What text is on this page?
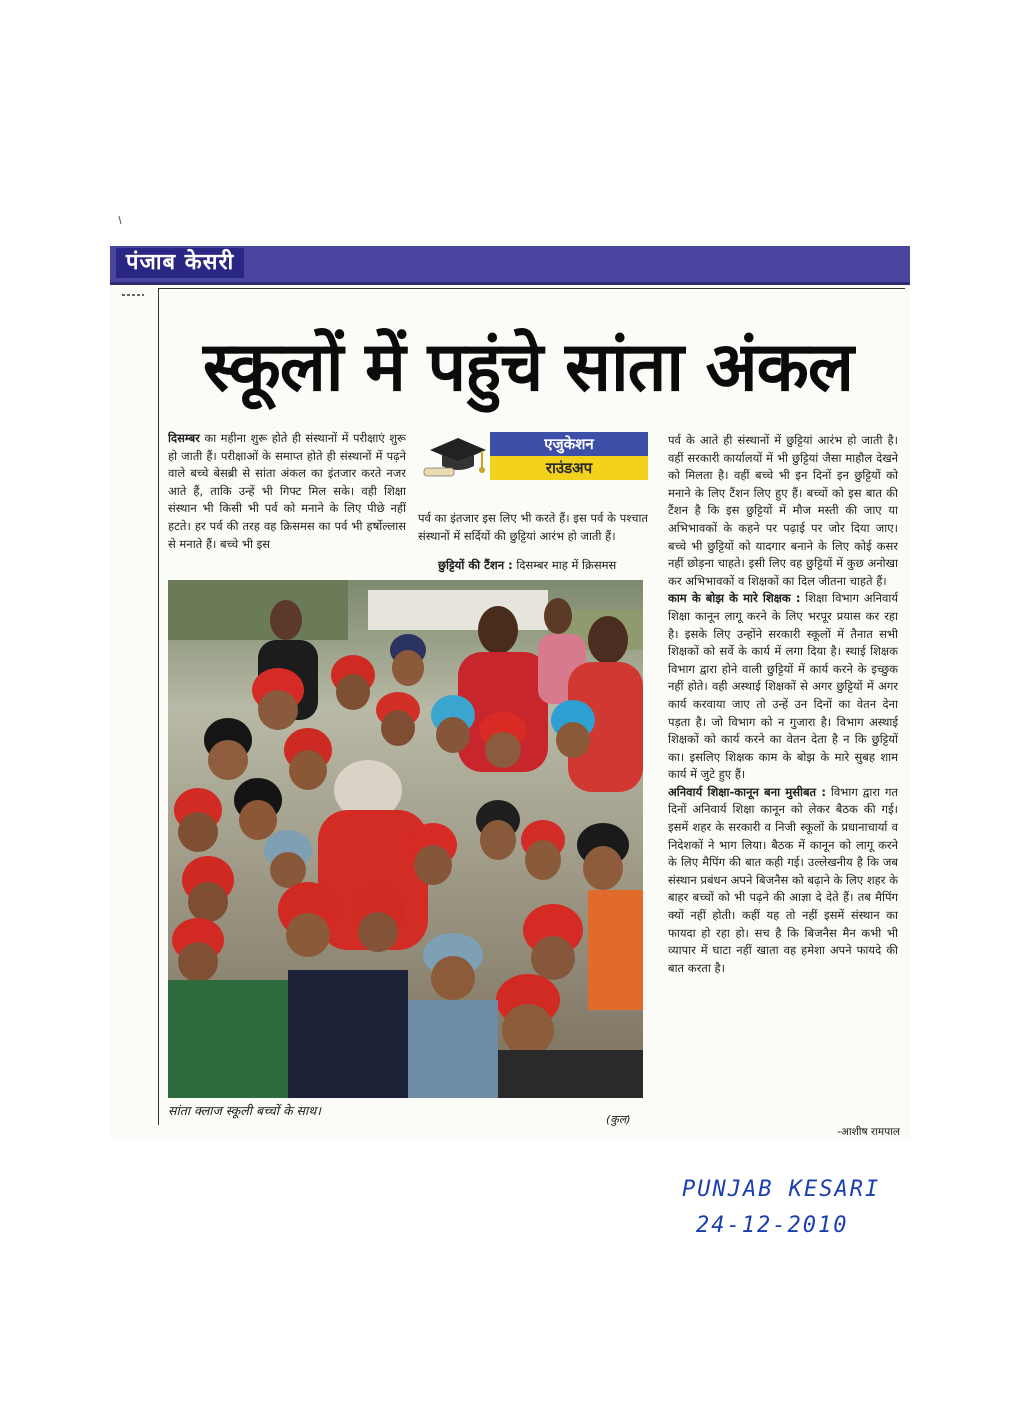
पंजाब केसरी
स्कूलों में पहुंचे सांता अंकल

दिसम्बर का महीना शुरू होते ही संस्थानों में परीक्षाएं शुरू हो जाती हैं। परीक्षाओं के समाप्त होते ही संस्थानों में पढ़ने वाले बच्चे बेसब्री से सांता अंकल का इंतजार करते नजर आते हैं, ताकि उन्हें भी गिफ्ट मिल सके। वही शिक्षा संस्थान भी किसी भी पर्व को मनाने के लिए पीछे नहीं हटते। हर पर्व की तरह वह क्रिसमस का पर्व भी हर्षोल्लास से मनाते हैं। बच्चे भी इस

एजुकेशन
राउंडअप

पर्व का इंतजार इस लिए भी करते हैं। इस पर्व के पश्चात संस्थानों में सर्दियों की छुट्टियां आरंभ हो जाती हैं।

छुट्टियों की टैंशन : दिसम्बर माह में क्रिसमस

पर्व के आते ही संस्थानों में छुट्टियां आरंभ हो जाती है। वहीं सरकारी कार्यालयों में भी छुट्टियां जैसा माहौल देखने को मिलता है। वहीं बच्चे भी इन दिनों इन छुट्टियों को मनाने के लिए टैंशन लिए हुए हैं। बच्चों को इस बात की टैंशन है कि इस छुट्टियों में मौज मस्ती की जाए या अभिभावकों के कहने पर पढ़ाई पर जोर दिया जाए। बच्चे भी छुट्टियों को यादगार बनाने के लिए कोई कसर नहीं छोड़ना चाहते। इसी लिए वह छुट्टियों में कुछ अनोखा कर अभिभावकों व शिक्षकों का दिल जीतना चाहते हैं।

काम के बोझ के मारे शिक्षक : शिक्षा विभाग अनिवार्य शिक्षा कानून लागू करने के लिए भरपूर प्रयास कर रहा है। इसके लिए उन्होंने सरकारी स्कूलों में तैनात सभी शिक्षकों को सर्वे के कार्य में लगा दिया है। स्थाई शिक्षक विभाग द्वारा होने वाली छुट्टियों में कार्य करने के इच्छुक नहीं होते। वही अस्थाई शिक्षकों से अगर छुट्टियों में अगर कार्य करवाया जाए तो उन्हें उन दिनों का वेतन देना पड़ता है। जो विभाग को न गुजारा है। विभाग अस्थाई शिक्षकों को कार्य करने का वेतन देता है न कि छुट्टियों का। इसलिए शिक्षक काम के बोझ के मारे सुबह शाम कार्य में जुटे हुए हैं।

अनिवार्य शिक्षा-कानून बना मुसीबत : विभाग द्वारा गत दिनों अनिवार्य शिक्षा कानून को लेकर बैठक की गई। इसमें शहर के सरकारी व निजी स्कूलों के प्रधानाचार्या व निदेशकों ने भाग लिया। बैठक में कानून को लागू करने के लिए मैपिंग की बात कही गई। उल्लेखनीय है कि जब संस्थान प्रबंधन अपने बिजनैस को बढ़ाने के लिए शहर के बाहर बच्चों को भी पढ़ने की आज्ञा दे देते हैं। तब मैपिंग क्यों नहीं होती। कहीं यह तो नहीं इसमें संस्थान का फायदा हो रहा हो। सच है कि बिजनैस मैन कभी भी व्यापार में घाटा नहीं खाता वह हमेशा अपने फायदे की बात करता है।

सांता क्लाज स्कूली बच्चों के साथ।
(कुल)
-आशीष रामपाल
PUNJAB KESARI
24-12-2010
